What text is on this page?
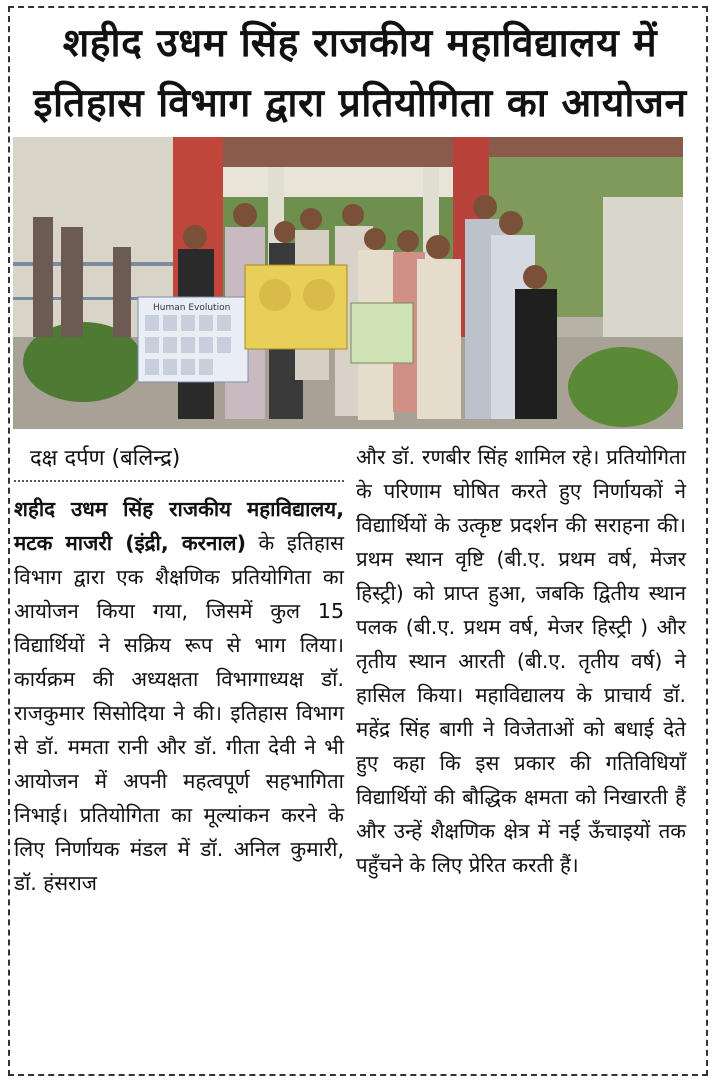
शहीद उधम सिंह राजकीय महाविद्यालय में
इतिहास विभाग द्वारा प्रतियोगिता का आयोजन
Human Evolution
दक्ष दर्पण (बलिन्द्र)

शहीद उधम सिंह राजकीय महाविद्यालय, मटक माजरी (इंद्री, करनाल) के इतिहास विभाग द्वारा एक शैक्षणिक प्रतियोगिता का आयोजन किया गया, जिसमें कुल 15 विद्यार्थियों ने सक्रिय रूप से भाग लिया।कार्यक्रम की अध्यक्षता विभागाध्यक्ष डॉ. राजकुमार सिसोदिया ने की। इतिहास विभाग से डॉ. ममता रानी और डॉ. गीता देवी ने भी आयोजन में अपनी महत्वपूर्ण सहभागिता निभाई। प्रतियोगिता का मूल्यांकन करने के लिए निर्णायक मंडल में डॉ. अनिल कुमारी, डॉ. हंसराज

और डॉ. रणबीर सिंह शामिल रहे। प्रतियोगिता के परिणाम घोषित करते हुए निर्णायकों ने विद्यार्थियों के उत्कृष्ट प्रदर्शन की सराहना की। प्रथम स्थान वृष्टि (बी.ए. प्रथम वर्ष, मेजर हिस्ट्री) को प्राप्त हुआ, जबकि द्वितीय स्थान पलक (बी.ए. प्रथम वर्ष, मेजर हिस्ट्री ) और तृतीय स्थान आरती (बी.ए. तृतीय वर्ष) ने हासिल किया। महाविद्यालय के प्राचार्य डॉ. महेंद्र सिंह बागी ने विजेताओं को बधाई देते हुए कहा कि इस प्रकार की गतिविधियाँ विद्यार्थियों की बौद्धिक क्षमता को निखारती हैं और उन्हें शैक्षणिक क्षेत्र में नई ऊँचाइयों तक पहुँचने के लिए प्रेरित करती हैं।
